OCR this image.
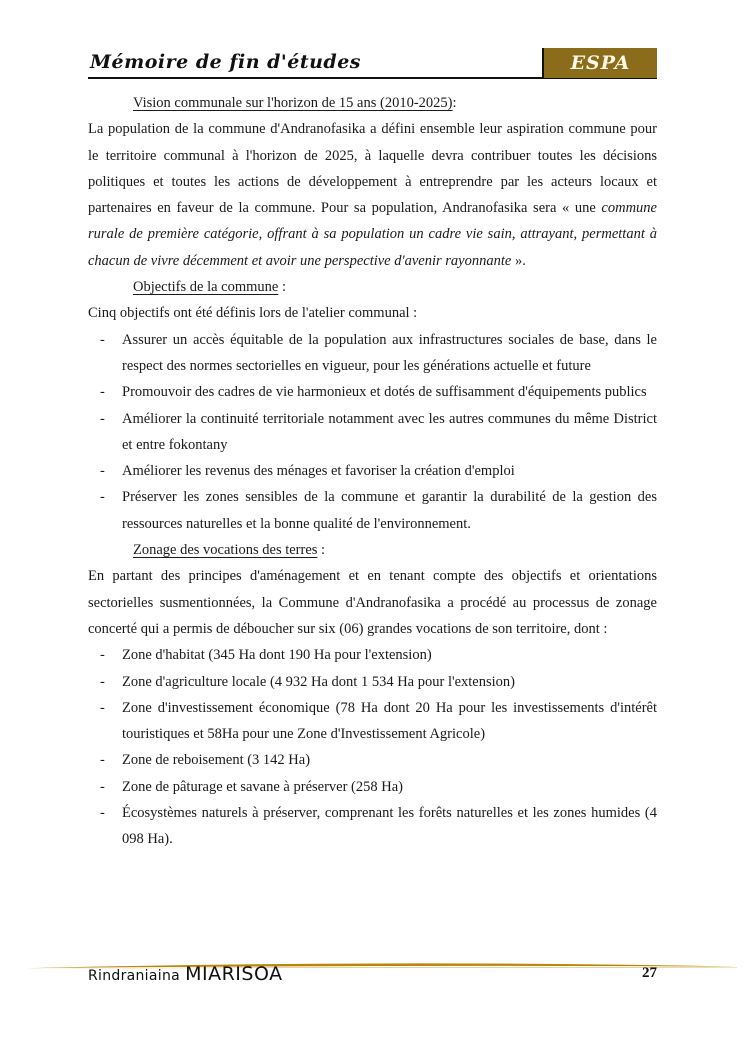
Mémoire de fin d'études	ESPA

Vision communale sur l'horizon de 15 ans (2010-2025):

La population de la commune d'Andranofasika a défini ensemble leur aspiration commune pour le territoire communal à l'horizon de 2025, à laquelle devra contribuer toutes les décisions politiques et toutes les actions de développement à entreprendre par les acteurs locaux et partenaires en faveur de la commune. Pour sa population, Andranofasika sera « une commune rurale de première catégorie, offrant à sa population un cadre vie sain, attrayant, permettant à chacun de vivre décemment et avoir une perspective d'avenir rayonnante ».

Objectifs de la commune :

Cinq objectifs ont été définis lors de l'atelier communal :

- Assurer un accès équitable de la population aux infrastructures sociales de base, dans le respect des normes sectorielles en vigueur, pour les générations actuelle et future
- Promouvoir des cadres de vie harmonieux et dotés de suffisamment d'équipements publics
- Améliorer la continuité territoriale notamment avec les autres communes du même District et entre fokontany
- Améliorer les revenus des ménages et favoriser la création d'emploi
- Préserver les zones sensibles de la commune et garantir la durabilité de la gestion des ressources naturelles et la bonne qualité de l'environnement.

Zonage des vocations des terres :

En partant des principes d'aménagement et en tenant compte des objectifs et orientations sectorielles susmentionnées, la Commune d'Andranofasika a procédé au processus de zonage concerté qui a permis de déboucher sur six (06) grandes vocations de son territoire, dont :

- Zone d'habitat (345 Ha dont 190 Ha pour l'extension)
- Zone d'agriculture locale (4 932 Ha dont 1 534 Ha pour l'extension)
- Zone d'investissement économique (78 Ha dont 20 Ha pour les investissements d'intérêt touristiques et 58Ha pour une Zone d'Investissement Agricole)
- Zone de reboisement (3 142 Ha)
- Zone de pâturage et savane à préserver (258 Ha)
- Écosystèmes naturels à préserver, comprenant les forêts naturelles et les zones humides (4 098 Ha).
Rindraniaina MIARISOA	27
